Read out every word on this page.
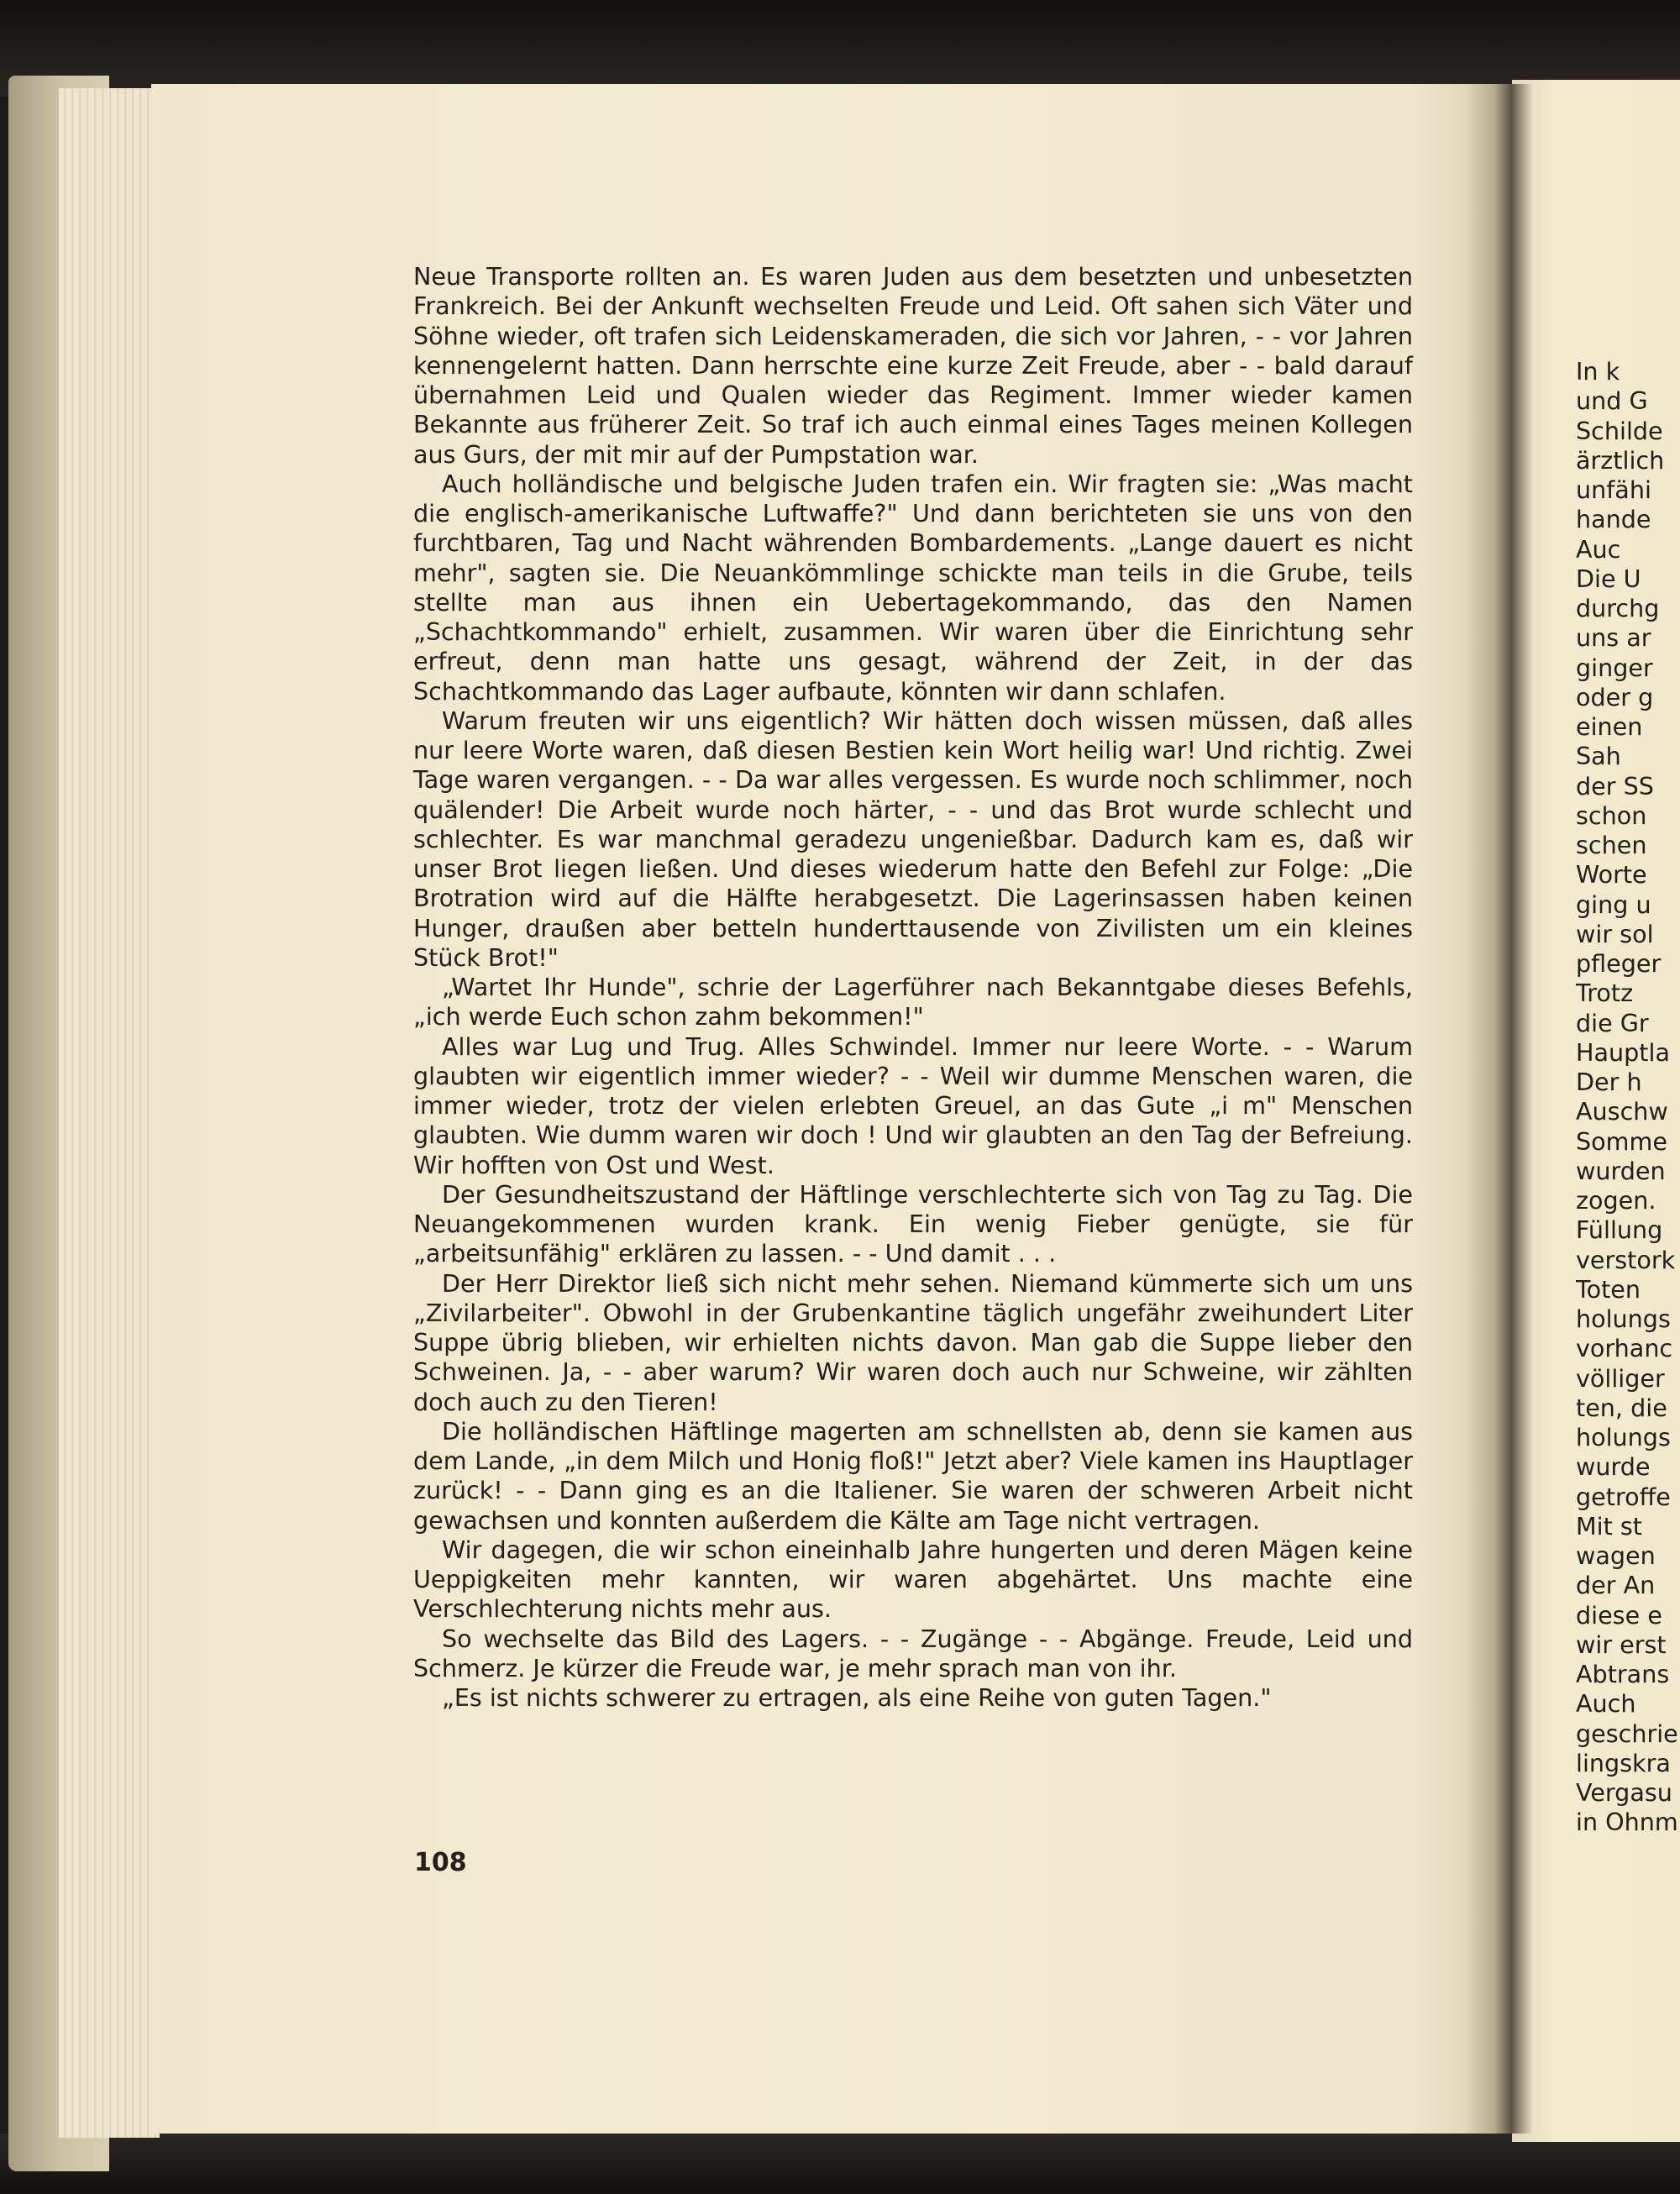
Neue Transporte rollten an. Es waren Juden aus dem besetzten und unbesetzten Frankreich. Bei der Ankunft wechselten Freude und Leid. Oft sahen sich Väter und Söhne wieder, oft trafen sich Leidenskameraden, die sich vor Jahren, - - vor Jahren kennengelernt hatten. Dann herrschte eine kurze Zeit Freude, aber - - bald darauf übernahmen Leid und Qualen wieder das Regiment. Immer wieder kamen Bekannte aus früherer Zeit. So traf ich auch einmal eines Tages meinen Kollegen aus Gurs, der mit mir auf der Pumpstation war.

Auch holländische und belgische Juden trafen ein. Wir fragten sie: „Was macht die englisch-amerikanische Luftwaffe?" Und dann berichteten sie uns von den furchtbaren, Tag und Nacht währenden Bombardements. „Lange dauert es nicht mehr", sagten sie. Die Neuankömmlinge schickte man teils in die Grube, teils stellte man aus ihnen ein Uebertagekommando, das den Namen „Schachtkommando" erhielt, zusammen. Wir waren über die Einrichtung sehr erfreut, denn man hatte uns gesagt, während der Zeit, in der das Schachtkommando das Lager aufbaute, könnten wir dann schlafen.

Warum freuten wir uns eigentlich? Wir hätten doch wissen müssen, daß alles nur leere Worte waren, daß diesen Bestien kein Wort heilig war! Und richtig. Zwei Tage waren vergangen. - - Da war alles vergessen. Es wurde noch schlimmer, noch quälender! Die Arbeit wurde noch härter, - - und das Brot wurde schlecht und schlechter. Es war manchmal geradezu ungenießbar. Dadurch kam es, daß wir unser Brot liegen ließen. Und dieses wiederum hatte den Befehl zur Folge: „Die Brotration wird auf die Hälfte herabgesetzt. Die Lagerinsassen haben keinen Hunger, draußen aber betteln hunderttausende von Zivilisten um ein kleines Stück Brot!"

„Wartet Ihr Hunde", schrie der Lagerführer nach Bekanntgabe dieses Befehls, „ich werde Euch schon zahm bekommen!"

Alles war Lug und Trug. Alles Schwindel. Immer nur leere Worte. - - Warum glaubten wir eigentlich immer wieder? - - Weil wir dumme Menschen waren, die immer wieder, trotz der vielen erlebten Greuel, an das Gute „i m" Menschen glaubten. Wie dumm waren wir doch ! Und wir glaubten an den Tag der Befreiung. Wir hofften von Ost und West.

Der Gesundheitszustand der Häftlinge verschlechterte sich von Tag zu Tag. Die Neuangekommenen wurden krank. Ein wenig Fieber genügte, sie für „arbeitsunfähig" erklären zu lassen. - - Und damit . . .

Der Herr Direktor ließ sich nicht mehr sehen. Niemand kümmerte sich um uns „Zivilarbeiter". Obwohl in der Grubenkantine täglich ungefähr zweihundert Liter Suppe übrig blieben, wir erhielten nichts davon. Man gab die Suppe lieber den Schweinen. Ja, - - aber warum? Wir waren doch auch nur Schweine, wir zählten doch auch zu den Tieren!

Die holländischen Häftlinge magerten am schnellsten ab, denn sie kamen aus dem Lande, „in dem Milch und Honig floß!" Jetzt aber? Viele kamen ins Hauptlager zurück! - - Dann ging es an die Italiener. Sie waren der schweren Arbeit nicht gewachsen und konnten außerdem die Kälte am Tage nicht vertragen.

Wir dagegen, die wir schon eineinhalb Jahre hungerten und deren Mägen keine Ueppigkeiten mehr kannten, wir waren abgehärtet. Uns machte eine Verschlechterung nichts mehr aus.

So wechselte das Bild des Lagers. - - Zugänge - - Abgänge. Freude, Leid und Schmerz. Je kürzer die Freude war, je mehr sprach man von ihr.

„Es ist nichts schwerer zu ertragen, als eine Reihe von guten Tagen."

108
In k
und G
Schilde
ärztlich
unfähi
hande
Auc
Die U
durchg
uns ar
ginger
oder g
einen
Sah
der SS
schon
schen
Worte
ging u
wir sol
pfleger
Trotz
die Gr
Hauptla
Der h
Auschw
Somme
wurden
zogen.
Füllung
verstork
Toten
holungs
vorhanc
völliger
ten, die
holungs
wurde
getroffe
Mit st
wagen
der An
diese e
wir erst
Abtrans
Auch
geschrie
lingskra
Vergasu
in Ohnm
